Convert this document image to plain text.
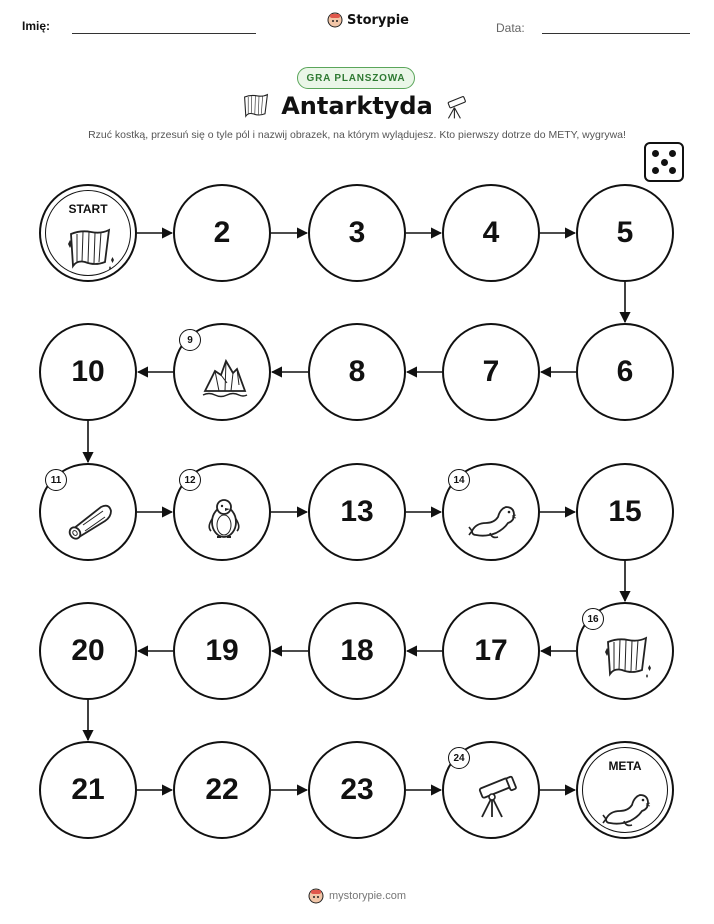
Imię:	Storypie
Data:
GRA PLANSZOWA
Antarktyda
Rzuć kostką, przesuń się o tyle pól i nazwij obrazek, na którym wylądujesz. Kto pierwszy dotrze do METY, wygrywa!
START
2	3	4	5
6
7
8
9
10
11	12
13
14
15
16
17
18
19
20
21	22	23
24
META
mystorypie.com
